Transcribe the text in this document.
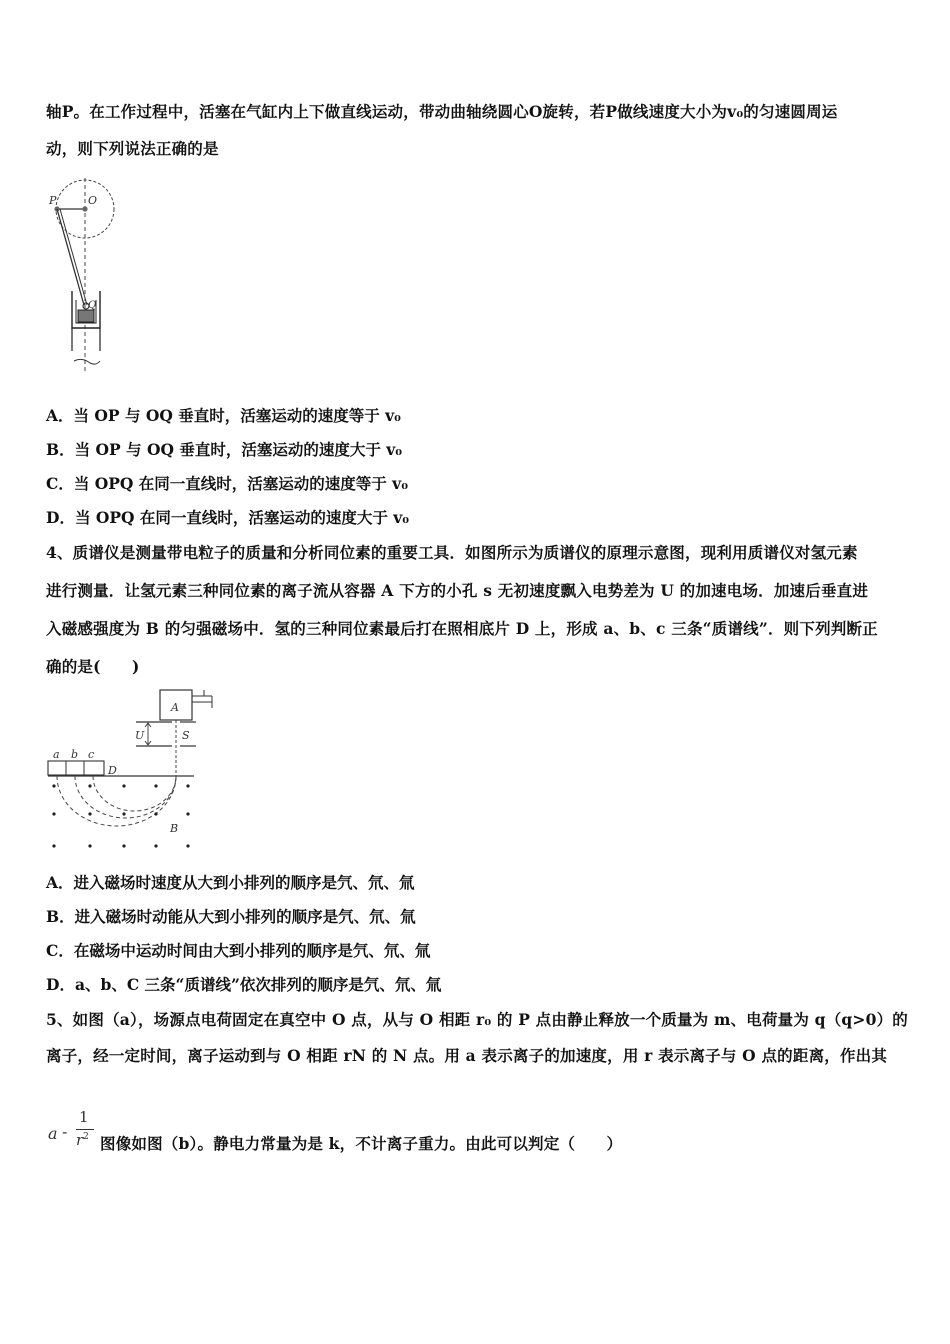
轴P。在工作过程中，活塞在气缸内上下做直线运动，带动曲轴绕圆心O旋转，若P做线速度大小为v₀的匀速圆周运
动，则下列说法正确的是
P	O
Q
A．当 OP 与 OQ 垂直时，活塞运动的速度等于 v₀
B．当 OP 与 OQ 垂直时，活塞运动的速度大于 v₀
C．当 OPQ 在同一直线时，活塞运动的速度等于 v₀
D．当 OPQ 在同一直线时，活塞运动的速度大于 v₀
4、质谱仪是测量带电粒子的质量和分析同位素的重要工具．如图所示为质谱仪的原理示意图，现利用质谱仪对氢元素
进行测量．让氢元素三种同位素的离子流从容器 A 下方的小孔 s 无初速度飘入电势差为 U 的加速电场．加速后垂直进
入磁感强度为 B 的匀强磁场中．氢的三种同位素最后打在照相底片 D 上，形成 a、b、c 三条“质谱线”．则下列判断正
确的是(　　)
a b c
D
A
U	S
B
A．进入磁场时速度从大到小排列的顺序是氕、氘、氚
B．进入磁场时动能从大到小排列的顺序是氕、氘、氚
C．在磁场中运动时间由大到小排列的顺序是氕、氘、氚
D．a、b、C 三条“质谱线”依次排列的顺序是氕、氘、氚
5、如图（a），场源点电荷固定在真空中 O 点，从与 O 相距 r₀ 的 P 点由静止释放一个质量为 m、电荷量为 q（q>0）的
离子，经一定时间，离子运动到与 O 相距 rN 的 N 点。用 a 表示离子的加速度，用 r 表示离子与 O 点的距离，作出其
a -
1
$r^2$ 图像如图（b）。静电力常量为是 k，不计离子重力。由此可以判定（　　）
